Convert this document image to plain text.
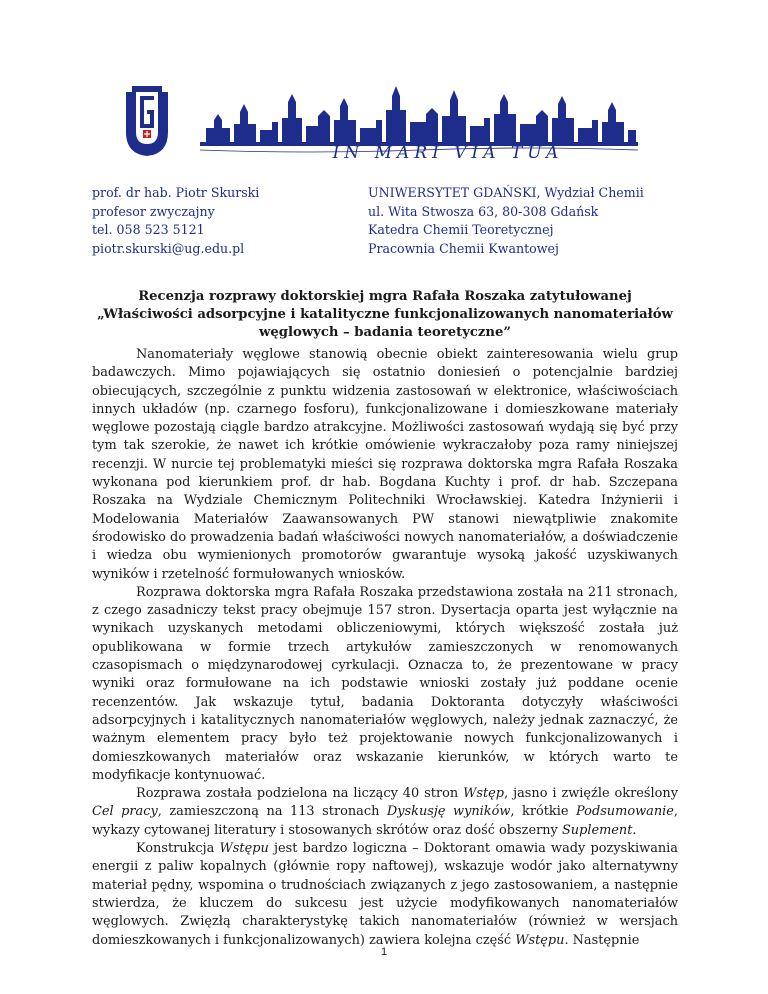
IN MARI VIA TUA
prof. dr hab. Piotr Skurski
profesor zwyczajny
tel. 058 523 5121
piotr.skurski@ug.edu.pl
UNIWERSYTET GDAŃSKI, Wydział Chemii
ul. Wita Stwosza 63, 80-308 Gdańsk
Katedra Chemii Teoretycznej
Pracownia Chemii Kwantowej
Recenzja rozprawy doktorskiej mgra Rafała Roszaka zatytułowanej
„Właściwości adsorpcyjne i katalityczne funkcjonalizowanych nanomateriałów
węglowych – badania teoretyczne”

Nanomateriały węglowe stanowią obecnie obiekt zainteresowania wielu grup badawczych. Mimo pojawiających się ostatnio doniesień o potencjalnie bardziej obiecujących, szczególnie z punktu widzenia zastosowań w elektronice, właściwościach innych układów (np. czarnego fosforu), funkcjonalizowane i domieszkowane materiały węglowe pozostają ciągle bardzo atrakcyjne. Możliwości zastosowań wydają się być przy tym tak szerokie, że nawet ich krótkie omówienie wykraczałoby poza ramy niniejszej recenzji. W nurcie tej problematyki mieści się rozprawa doktorska mgra Rafała Roszaka wykonana pod kierunkiem prof. dr hab. Bogdana Kuchty i prof. dr hab. Szczepana Roszaka na Wydziale Chemicznym Politechniki Wrocławskiej. Katedra Inżynierii i Modelowania Materiałów Zaawansowanych PW stanowi niewątpliwie znakomite środowisko do prowadzenia badań właściwości nowych nanomateriałów, a doświadczenie i wiedza obu wymienionych promotorów gwarantuje wysoką jakość uzyskiwanych wyników i rzetelność formułowanych wniosków.

Rozprawa doktorska mgra Rafała Roszaka przedstawiona została na 211 stronach, z czego zasadniczy tekst pracy obejmuje 157 stron. Dysertacja oparta jest wyłącznie na wynikach uzyskanych metodami obliczeniowymi, których większość została już opublikowana w formie trzech artykułów zamieszczonych w renomowanych czasopismach o międzynarodowej cyrkulacji. Oznacza to, że prezentowane w pracy wyniki oraz formułowane na ich podstawie wnioski zostały już poddane ocenie recenzentów. Jak wskazuje tytuł, badania Doktoranta dotyczyły właściwości adsorpcyjnych i katalitycznych nanomateriałów węglowych, należy jednak zaznaczyć, że ważnym elementem pracy było też projektowanie nowych funkcjonalizowanych i domieszkowanych materiałów oraz wskazanie kierunków, w których warto te modyfikacje kontynuować.

Rozprawa została podzielona na liczący 40 stron Wstęp, jasno i zwięźle określony Cel pracy, zamieszczoną na 113 stronach Dyskusję wyników, krótkie Podsumowanie, wykazy cytowanej literatury i stosowanych skrótów oraz dość obszerny Suplement.

Konstrukcja Wstępu jest bardzo logiczna – Doktorant omawia wady pozyskiwania energii z paliw kopalnych (głównie ropy naftowej), wskazuje wodór jako alternatywny materiał pędny, wspomina o trudnościach związanych z jego zastosowaniem, a następnie stwierdza, że kluczem do sukcesu jest użycie modyfikowanych nanomateriałów węglowych. Zwięzłą charakterystykę takich nanomateriałów (również w wersjach domieszkowanych i funkcjonalizowanych) zawiera kolejna część Wstępu. Następnie

1
